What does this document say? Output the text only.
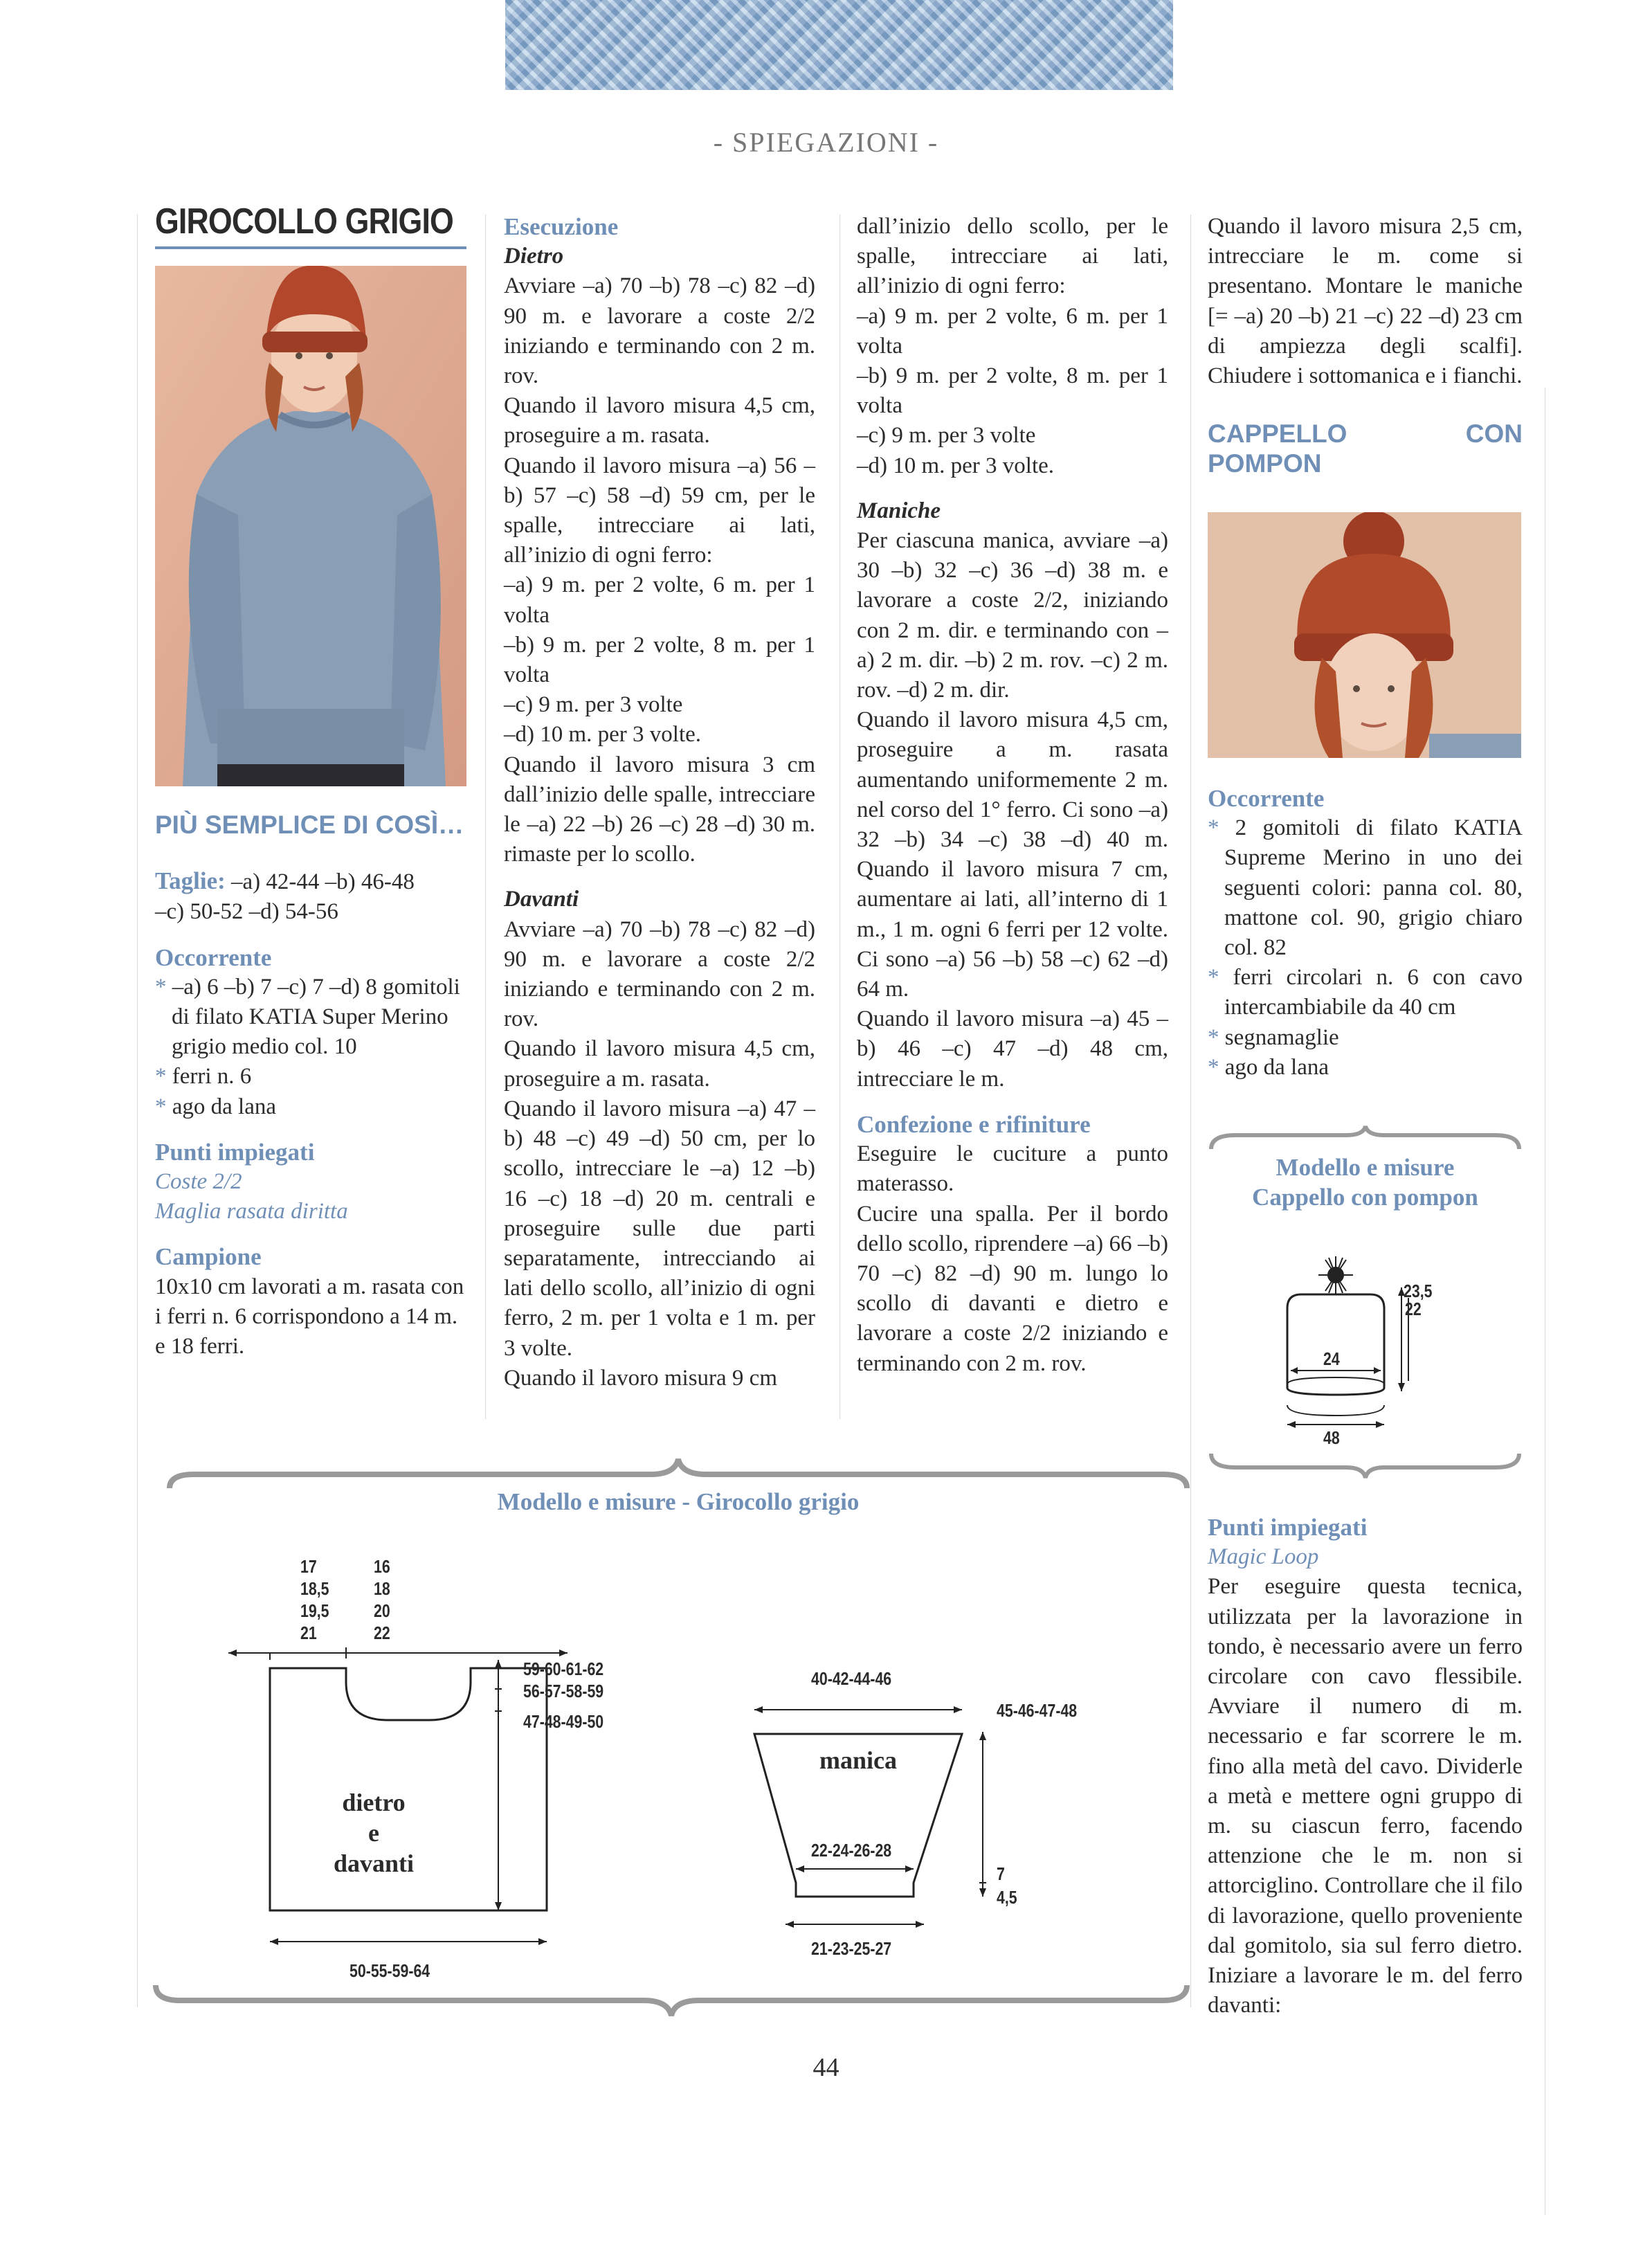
- SPIEGAZIONI -
GIROCOLLO GRIGIO

PIÙ SEMPLICE DI COSÌ…

Taglie: –a) 42-44 –b) 46-48

–c) 50-52 –d) 54-56

Occorrente

* –a) 6 –b) 7 –c) 7 –d) 8 gomitoli di filato KATIA Super Merino grigio medio col. 10

* ferri n. 6

* ago da lana

Punti impiegati

Coste 2/2

Maglia rasata diritta

Campione

10x10 cm lavorati a m. rasata con i ferri n. 6 corrispondono a 14 m. e 18 ferri.

Esecuzione

Dietro

Avviare –a) 70 –b) 78 –c) 82 –d) 90 m. e lavorare a coste 2/2 iniziando e terminando con 2 m. rov.

Quando il lavoro misura 4,5 cm, proseguire a m. rasata.

Quando il lavoro misura –a) 56 –b) 57 –c) 58 –d) 59 cm, per le spalle, intrecciare ai lati, all’inizio di ogni ferro:

–a) 9 m. per 2 volte, 6 m. per 1 volta

–b) 9 m. per 2 volte, 8 m. per 1 volta

–c) 9 m. per 3 volte

–d) 10 m. per 3 volte.

Quando il lavoro misura 3 cm dall’inizio delle spalle, intrecciare le –a) 22 –b) 26 –c) 28 –d) 30 m. rimaste per lo scollo.

Davanti

Avviare –a) 70 –b) 78 –c) 82 –d) 90 m. e lavorare a coste 2/2 iniziando e terminando con 2 m. rov.

Quando il lavoro misura 4,5 cm, proseguire a m. rasata.

Quando il lavoro misura –a) 47 –b) 48 –c) 49 –d) 50 cm, per lo scollo, intrecciare le –a) 12 –b) 16 –c) 18 –d) 20 m. centrali e proseguire sulle due parti separatamente, intrecciando ai lati dello scollo, all’inizio di ogni ferro, 2 m. per 1 volta e 1 m. per 3 volte.

Quando il lavoro misura 9 cm

dall’inizio dello scollo, per le spalle, intrecciare ai lati, all’inizio di ogni ferro:

–a) 9 m. per 2 volte, 6 m. per 1 volta

–b) 9 m. per 2 volte, 8 m. per 1 volta

–c) 9 m. per 3 volte

–d) 10 m. per 3 volte.

Maniche

Per ciascuna manica, avviare –a) 30 –b) 32 –c) 36 –d) 38 m. e lavorare a coste 2/2, iniziando con 2 m. dir. e terminando con –a) 2 m. dir. –b) 2 m. rov. –c) 2 m. rov. –d) 2 m. dir.

Quando il lavoro misura 4,5 cm, proseguire a m. rasata aumentando uniformemente 2 m. nel corso del 1° ferro. Ci sono –a) 32 –b) 34 –c) 38 –d) 40 m. Quando il lavoro misura 7 cm, aumentare ai lati, all’interno di 1 m., 1 m. ogni 6 ferri per 12 volte. Ci sono –a) 56 –b) 58 –c) 62 –d) 64 m.

Quando il lavoro misura –a) 45 –b) 46 –c) 47 –d) 48 cm, intrecciare le m.

Confezione e rifiniture

Eseguire le cuciture a punto materasso.

Cucire una spalla. Per il bordo dello scollo, riprendere –a) 66 –b) 70 –c) 82 –d) 90 m. lungo lo scollo di davanti e dietro e lavorare a coste 2/2 iniziando e terminando con 2 m. rov.

Quando il lavoro misura 2,5 cm, intrecciare le m. come si presentano. Montare le maniche [= –a) 20 –b) 21 –c) 22 –d) 23 cm di ampiezza degli scalfi]. Chiudere i sottomanica e i fianchi.

CAPPELLO CON POMPON

Occorrente

* 2 gomitoli di filato KATIA Supreme Merino in uno dei seguenti colori: panna col. 80, mattone col. 90, grigio chiaro col. 82

* ferri circolari n. 6 con cavo intercambiabile da 40 cm

* segnamaglie

* ago da lana

Modello e misure
Cappello con pompon
23,5
22
24
48

Punti impiegati

Magic Loop

Per eseguire questa tecnica, utilizzata per la lavorazione in tondo, è necessario avere un ferro circolare con cavo flessibile. Avviare il numero di m. necessario e far scorrere le m. fino alla metà del cavo. Dividerle a metà e mettere ogni gruppo di m. su ciascun ferro, facendo attenzione che le m. non si attorciglino. Controllare che il filo di lavorazione, quello proveniente dal gomitolo, sia sul ferro dietro. Iniziare a lavorare le m. del ferro davanti:

Modello e misure - Girocollo grigio
17
18,5
19,5
21
16
18
20
22
dietro
e
davanti
59-60-61-62
56-57-58-59
47-48-49-50
50-55-59-64
manica
40-42-44-46
45-46-47-48
22-24-26-28
21-23-25-27
7
4,5
44
